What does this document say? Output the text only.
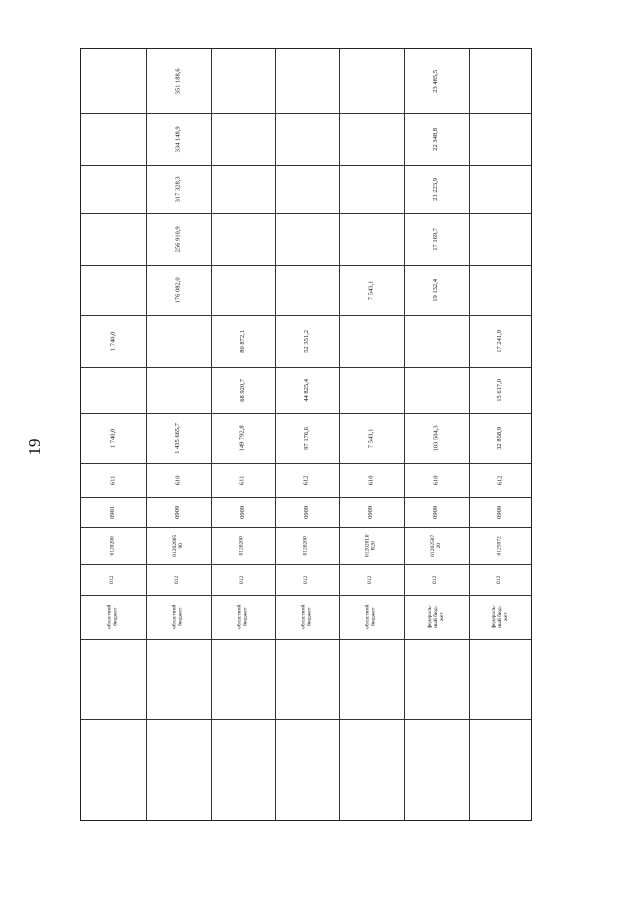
19
1 740,0
1 740,0
611
0901
0120200
012
областной
бюджет
351 188,6
334 148,9
317 328,3
256 910,9
176 082,0
1 435 665,7
610
0909
01202005
90
012
областной
бюджет
80 872,1
68 920,7
149 792,8
611
0909
0120200
012
областной
бюджет
52 351,2
44 825,4
97 176,6
612
0909
0120200
012
областной
бюджет
7 543,1
7 543,1
610
0909
012020L0
R20
012
областной
бюджет
23 485,5
22 348,8
21 223,9
17 169,7
19 132,4
103 504,3
610
0909
01202507
20
012
федераль-
ный бюд-
жет
17 241,9
15 617,0
32 858,9
612
0909
0125072
012
федераль-
ный бюд-
жет
